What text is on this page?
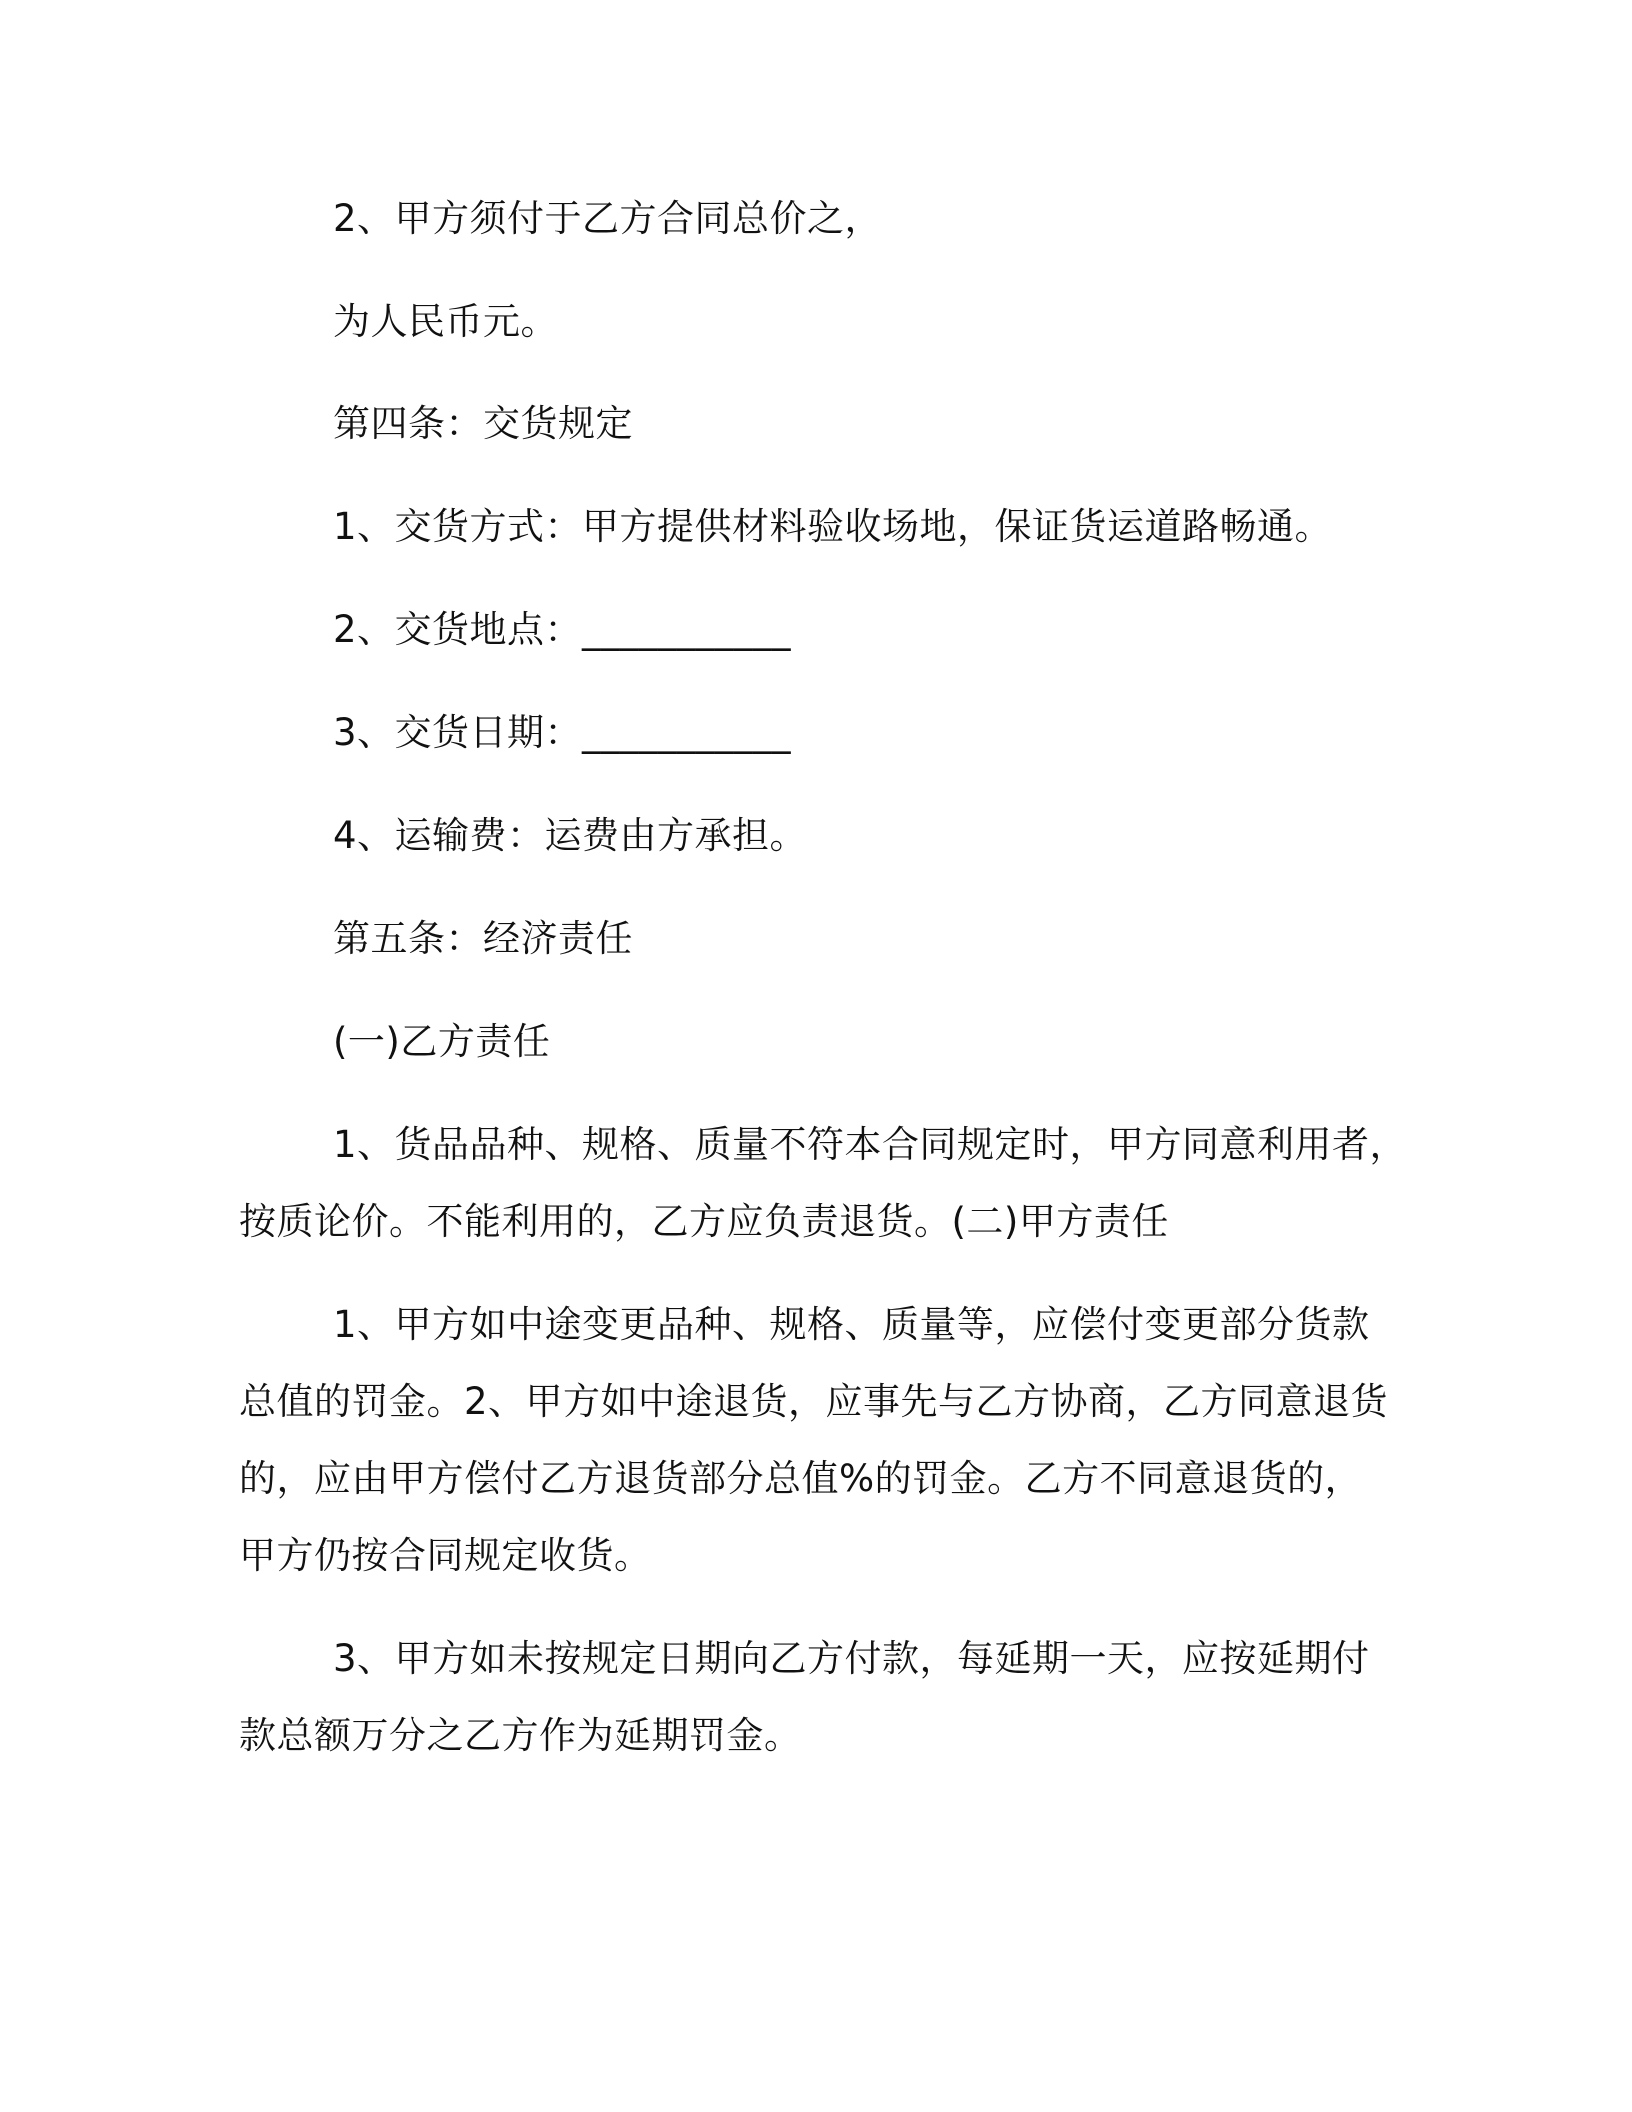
2、甲方须付于乙方合同总价之，
为人民币元。
第四条：交货规定
1、交货方式：甲方提供材料验收场地，保证货运道路畅通。
2、交货地点：___________
3、交货日期：___________
4、运输费：运费由方承担。
第五条：经济责任
(一)乙方责任
1、货品品种、规格、质量不符本合同规定时，甲方同意利用者，
按质论价。不能利用的，乙方应负责退货。(二)甲方责任
1、甲方如中途变更品种、规格、质量等，应偿付变更部分货款
总值的罚金。2、甲方如中途退货，应事先与乙方协商，乙方同意退货
的，应由甲方偿付乙方退货部分总值%的罚金。乙方不同意退货的，
甲方仍按合同规定收货。
3、甲方如未按规定日期向乙方付款，每延期一天，应按延期付
款总额万分之乙方作为延期罚金。
